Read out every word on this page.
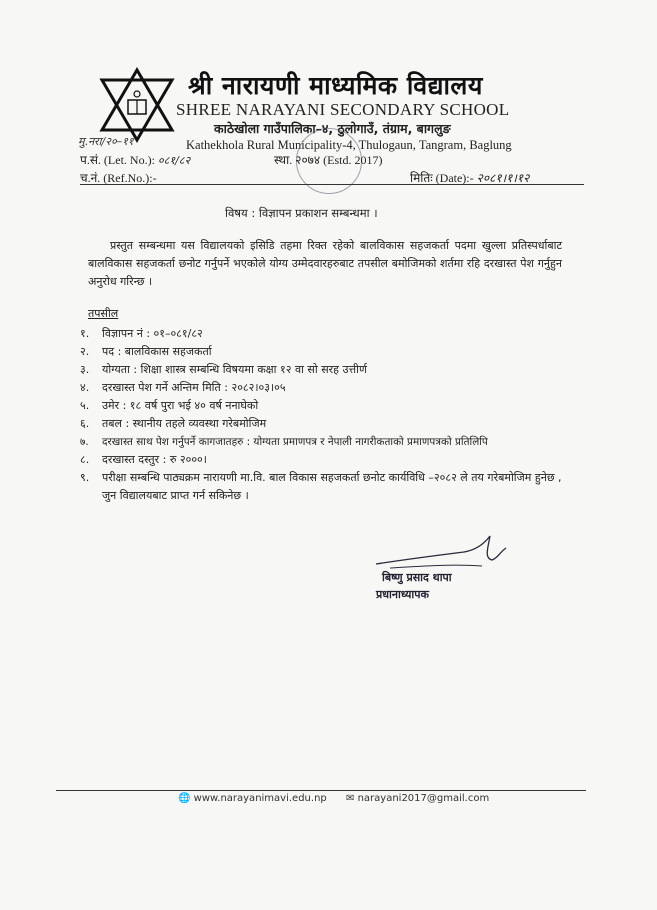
श्री नारायणी माध्यमिक विद्यालय
SHREE NARAYANI SECONDARY SCHOOL
काठेखोला गाउँपालिका–४, ठुलोगाउँ, तंग्राम, बागलुङ
Kathekhola Rural Municipality-4, Thulogaun, Tangram, Baglung
मु.नरा/२०–११
प.सं. (Let. No.): ०८१/८२	स्था. २०७४ (Estd. 2017)
च.नं. (Ref.No.):-	मितिः (Date):- २०८१।१।१२
विषय : विज्ञापन प्रकाशन सम्बन्धमा ।
प्रस्तुत सम्बन्धमा यस विद्यालयको इसिडि तहमा रिक्त रहेको बालविकास सहजकर्ता पदमा खुल्ला प्रतिस्पर्धाबाट बालविकास सहजकर्ता छनोट गर्नुपर्ने भएकोले योग्य उम्मेदवारहरुबाट तपसील बमोजिमको शर्तमा रहि दरखास्त पेश गर्नुहुन अनुरोध गरिन्छ ।
तपसील
१. विज्ञापन नं : ०१–०८१/८२
२. पद : बालविकास सहजकर्ता
३. योग्यता : शिक्षा शास्त्र सम्बन्धि विषयमा कक्षा १२ वा सो सरह उत्तीर्ण
४. दरखास्त पेश गर्ने अन्तिम मिति : २०८२।०३।०५
५. उमेर : १८ वर्ष पुरा भई ४० वर्ष ननाघेको
६. तबल : स्थानीय तहले व्यवस्था गरेबमोजिम
७. दरखास्त साथ पेश गर्नुपर्ने कागजातहरु : योग्यता प्रमाणपत्र र नेपाली नागरीकताको प्रमाणपत्रको प्रतिलिपि
८. दरखास्त दस्तुर : रु २०००।
९. परीक्षा सम्बन्धि पाठ्यक्रम नारायणी मा.वि. बाल विकास सहजकर्ता छनोट कार्यविधि –२०८२ ले तय गरेबमोजिम हुनेछ , जुन विद्यालयबाट प्राप्त गर्न सकिनेछ ।
बिष्णु प्रसाद थापा
प्रधानाध्यापक
🌐 www.narayanimavi.edu.np ✉ narayani2017@gmail.com
